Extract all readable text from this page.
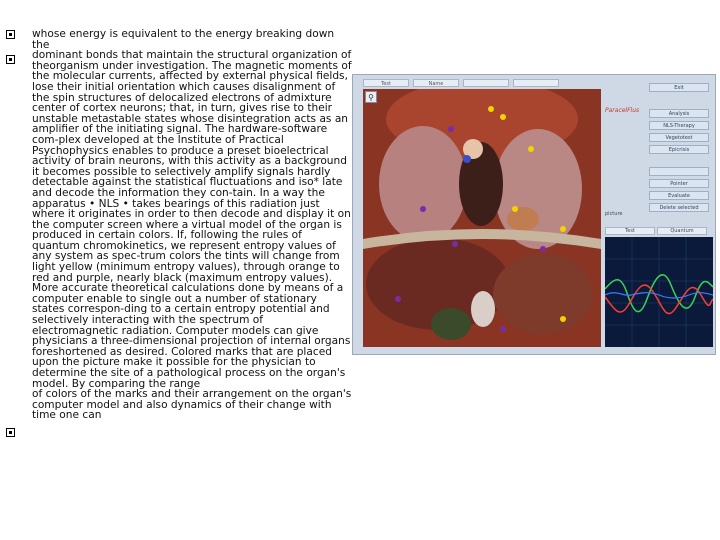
whose energy is equivalent to the energy breaking down the

dominant bonds that maintain the structural organization of theorganism under investigation. The magnetic moments of the molecular currents, affected by external physical fields, lose their initial orientation which causes disalignment of the spin structures of delocalized electrons of admixture center of cortex neurons; that, in turn, gives rise to their unstable metastable states whose disintegration acts as an amplifier of the initiating signal. The hardware-software com-plex developed at the Institute of Practical Psychophysics enables to produce a preset bioelectrical activity of brain neurons, with this activity as a background it becomes possible to selectively amplify signals hardly detectable against the statistical fluctuations and iso* late and decode the information they con-tain. In a way the apparatus • NLS • takes bearings of this radiation just where it originates in order to then decode and display it on the computer screen where a virtual model of the organ is produced in certain colors. If, following the rules of quantum chromokinetics, we represent entropy values of any system as spec-trum colors the tints will change from light yellow (minimum entropy values), through orange to red and purple, nearly black (maximum entropy values). More accurate theoretical calculations done by means of a computer enable to single out a number of stationary states correspon-ding to a certain entropy potential and selectively interacting with the spectrum of electromagnetic radiation. Computer models can give physicians a three-dimensional projection of internal organs foreshortened as desired. Colored marks that are placed upon the picture make it possible for the physician to determine the site of a pathological process on the organ's model. By comparing the range

of colors of the marks and their arrangement on the organ's computer model and also dynamics of their change with time one can

Test	Name
⚲
Exit
ParacelFlus	Analysis
NLS-Therapy
Vegetotest
Epicrisis
Pointer
Evaluate
Delete selected
picture
Test	Quantum
